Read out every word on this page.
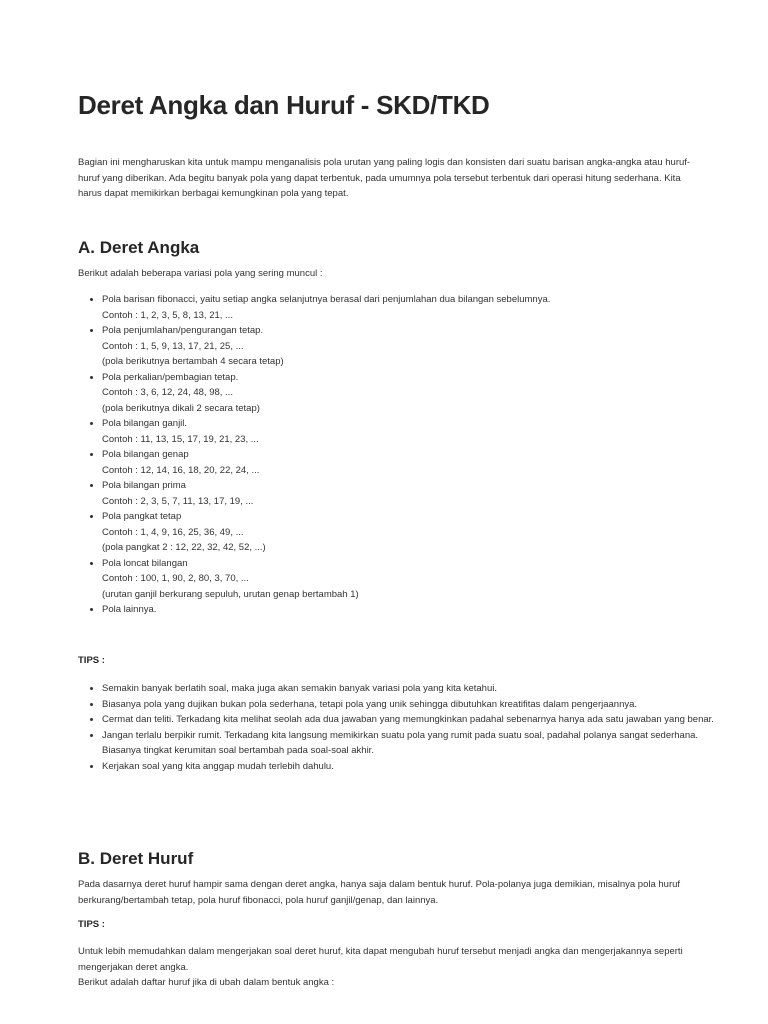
Deret Angka dan Huruf - SKD/TKD

Bagian ini mengharuskan kita untuk mampu menganalisis pola urutan yang paling logis dan konsisten dari suatu barisan angka-angka atau huruf-huruf yang diberikan. Ada begitu banyak pola yang dapat terbentuk, pada umumnya pola tersebut terbentuk dari operasi hitung sederhana. Kita harus dapat memikirkan berbagai kemungkinan pola yang tepat.

A. Deret Angka

Berikut adalah beberapa variasi pola yang sering muncul :

• Pola barisan fibonacci, yaitu setiap angka selanjutnya berasal dari penjumlahan dua bilangan sebelumnya.
Contoh : 1, 2, 3, 5, 8, 13, 21, ...
• Pola penjumlahan/pengurangan tetap.
Contoh : 1, 5, 9, 13, 17, 21, 25, ...
(pola berikutnya bertambah 4 secara tetap)
• Pola perkalian/pembagian tetap.
Contoh : 3, 6, 12, 24, 48, 98, ...
(pola berikutnya dikali 2 secara tetap)
• Pola bilangan ganjil.
Contoh : 11, 13, 15, 17, 19, 21, 23, ...
• Pola bilangan genap
Contoh : 12, 14, 16, 18, 20, 22, 24, ...
• Pola bilangan prima
Contoh : 2, 3, 5, 7, 11, 13, 17, 19, ...
• Pola pangkat tetap
Contoh : 1, 4, 9, 16, 25, 36, 49, ...
(pola pangkat 2 : 12, 22, 32, 42, 52, ...)
• Pola loncat bilangan
Contoh : 100, 1, 90, 2, 80, 3, 70, ...
(urutan ganjil berkurang sepuluh, urutan genap bertambah 1)
• Pola lainnya.

TIPS :

• Semakin banyak berlatih soal, maka juga akan semakin banyak variasi pola yang kita ketahui.
• Biasanya pola yang dujikan bukan pola sederhana, tetapi pola yang unik sehingga dibutuhkan kreatifitas dalam pengerjaannya.
• Cermat dan teliti. Terkadang kita melihat seolah ada dua jawaban yang memungkinkan padahal sebenarnya hanya ada satu jawaban yang benar.
• Jangan terlalu berpikir rumit. Terkadang kita langsung memikirkan suatu pola yang rumit pada suatu soal, padahal polanya sangat sederhana. Biasanya tingkat kerumitan soal bertambah pada soal-soal akhir.
• Kerjakan soal yang kita anggap mudah terlebih dahulu.
B. Deret Huruf

Pada dasarnya deret huruf hampir sama dengan deret angka, hanya saja dalam bentuk huruf. Pola-polanya juga demikian, misalnya pola huruf berkurang/bertambah tetap, pola huruf fibonacci, pola huruf ganjil/genap, dan lainnya.

TIPS :

Untuk lebih memudahkan dalam mengerjakan soal deret huruf, kita dapat mengubah huruf tersebut menjadi angka dan mengerjakannya seperti mengerjakan deret angka.
Berikut adalah daftar huruf jika di ubah dalam bentuk angka :
